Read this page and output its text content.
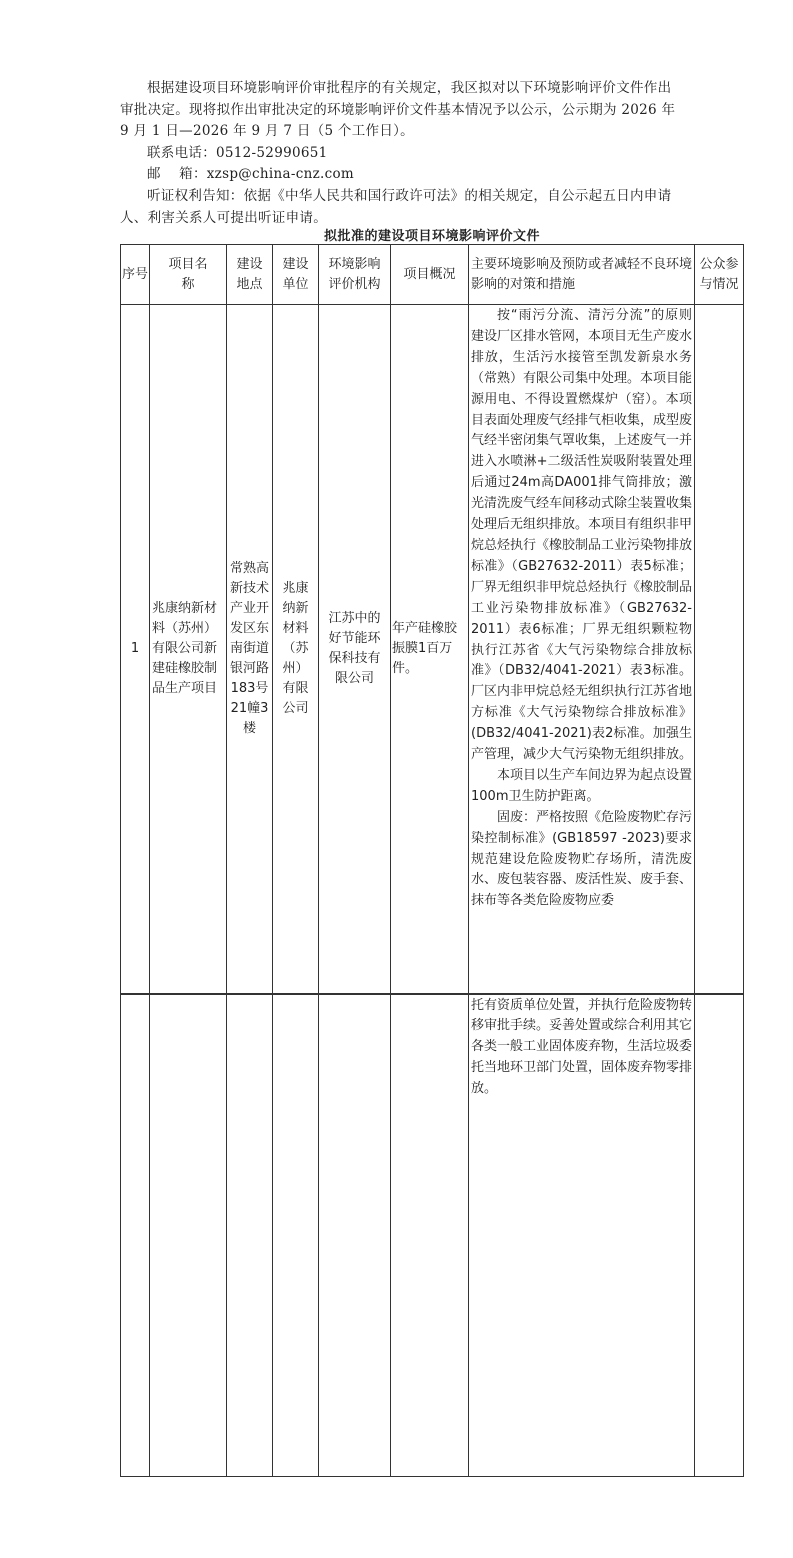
根据建设项目环境影响评价审批程序的有关规定，我区拟对以下环境影响评价文件作出审批决定。现将拟作出审批决定的环境影响评价文件基本情况予以公示，公示期为 2026 年 9 月 1 日—2026 年 9 月 7 日（5 个工作日）。

联系电话：0512-52990651

邮    箱：xzsp@china-cnz.com

听证权利告知：依据《中华人民共和国行政许可法》的相关规定，自公示起五日内申请人、利害关系人可提出听证申请。

拟批准的建设项目环境影响评价文件
序号	项目名称	建设地点	建设单位	环境影响评价机构	项目概况	主要环境影响及预防或者减轻不良环境影响的对策和措施	公众参与情况
1	兆康纳新材料（苏州）有限公司新建硅橡胶制品生产项目	常熟高新技术产业开发区东南街道银河路183号21幢3楼	兆康纳新材料（苏州）有限公司	江苏中的好节能环保科技有限公司	年产硅橡胶振膜1百万件。	按“雨污分流、清污分流”的原则建设厂区排水管网，本项目无生产废水排放，生活污水接管至凯发新泉水务（常熟）有限公司集中处理。本项目能源用电、不得设置燃煤炉（窑）。本项目表面处理废气经排气柜收集，成型废气经半密闭集气罩收集，上述废气一并进入水喷淋+二级活性炭吸附装置处理后通过24m高DA001排气筒排放；激光清洗废气经车间移动式除尘装置收集处理后无组织排放。本项目有组织非甲烷总烃执行《橡胶制品工业污染物排放标准》（GB27632-2011）表5标准；厂界无组织非甲烷总烃执行《橡胶制品工业污染物排放标准》（GB27632-2011）表6标准；厂界无组织颗粒物执行江苏省《大气污染物综合排放标准》（DB32/4041-2021）表3标准。厂区内非甲烷总烃无组织执行江苏省地方标准《大气污染物综合排放标准》(DB32/4041-2021)表2标准。加强生产管理，减少大气污染物无组织排放。

本项目以生产车间边界为起点设置100m卫生防护距离。

固废：严格按照《危险废物贮存污染控制标准》(GB18597 -2023)要求规范建设危险废物贮存场所，清洗废水、废包装容器、废活性炭、废手套、抹布等各类危险废物应委	

						托有资质单位处置，并执行危险废物转移审批手续。妥善处置或综合利用其它各类一般工业固体废弃物，生活垃圾委托当地环卫部门处置，固体废弃物零排放。	
